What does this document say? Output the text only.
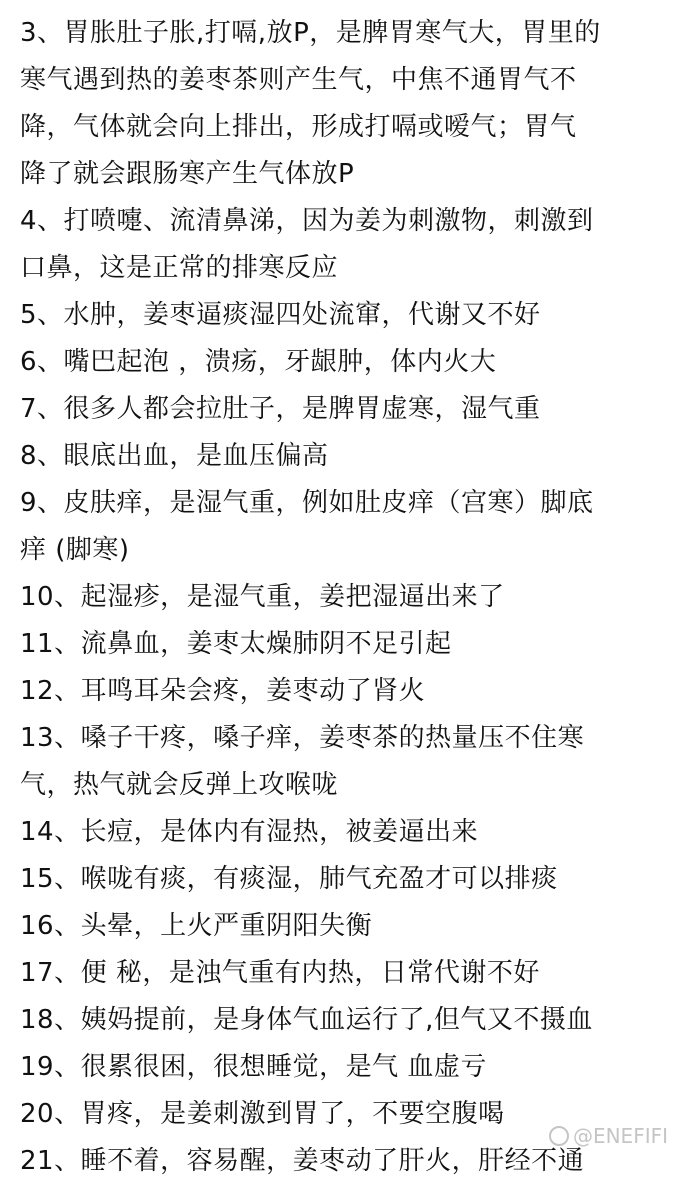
3、胃胀肚子胀,打嗝,放P，是脾胃寒气大，胃里的
寒气遇到热的姜枣茶则产生气，中焦不通胃气不
降，气体就会向上排出，形成打嗝或嗳气；胃气
降了就会跟肠寒产生气体放P
4、打喷嚏、流清鼻涕，因为姜为刺激物，刺激到
口鼻，这是正常的排寒反应
5、水肿，姜枣逼痰湿四处流窜，代谢又不好
6、嘴巴起泡 ，溃疡，牙龈肿，体内火大
7、很多人都会拉肚子，是脾胃虚寒，湿气重
8、眼底出血，是血压偏高
9、皮肤痒，是湿气重，例如肚皮痒（宫寒）脚底
痒 (脚寒)
10、起湿疹，是湿气重，姜把湿逼出来了
11、流鼻血，姜枣太燥肺阴不足引起
12、耳鸣耳朵会疼，姜枣动了肾火
13、嗓子干疼，嗓子痒，姜枣茶的热量压不住寒
气，热气就会反弹上攻喉咙
14、长痘，是体内有湿热，被姜逼出来
15、喉咙有痰，有痰湿，肺气充盈才可以排痰
16、头晕，上火严重阴阳失衡
17、便 秘，是浊气重有内热，日常代谢不好
18、姨妈提前，是身体气血运行了,但气又不摄血
19、很累很困，很想睡觉，是气 血虚亏
20、胃疼，是姜刺激到胃了，不要空腹喝
21、睡不着，容易醒，姜枣动了肝火，肝经不通
@ENEFIFI
